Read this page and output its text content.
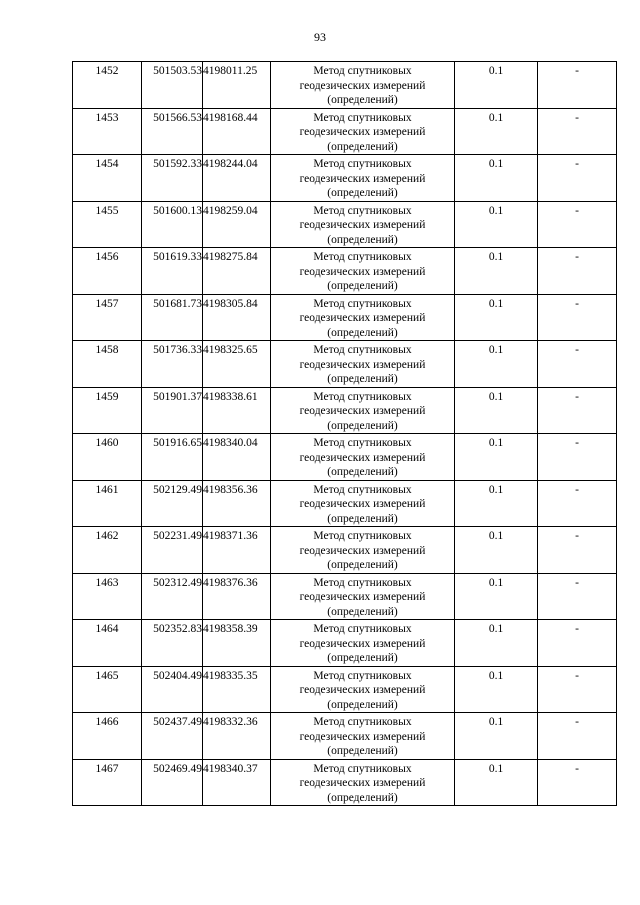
93
1452	501503.53	4198011.25	Метод спутниковых
геодезических измерений
(определений)	0.1	-
1453	501566.53	4198168.44	Метод спутниковых
геодезических измерений
(определений)	0.1	-
1454	501592.33	4198244.04	Метод спутниковых
геодезических измерений
(определений)	0.1	-
1455	501600.13	4198259.04	Метод спутниковых
геодезических измерений
(определений)	0.1	-
1456	501619.33	4198275.84	Метод спутниковых
геодезических измерений
(определений)	0.1	-
1457	501681.73	4198305.84	Метод спутниковых
геодезических измерений
(определений)	0.1	-
1458	501736.33	4198325.65	Метод спутниковых
геодезических измерений
(определений)	0.1	-
1459	501901.37	4198338.61	Метод спутниковых
геодезических измерений
(определений)	0.1	-
1460	501916.65	4198340.04	Метод спутниковых
геодезических измерений
(определений)	0.1	-
1461	502129.49	4198356.36	Метод спутниковых
геодезических измерений
(определений)	0.1	-
1462	502231.49	4198371.36	Метод спутниковых
геодезических измерений
(определений)	0.1	-
1463	502312.49	4198376.36	Метод спутниковых
геодезических измерений
(определений)	0.1	-
1464	502352.83	4198358.39	Метод спутниковых
геодезических измерений
(определений)	0.1	-
1465	502404.49	4198335.35	Метод спутниковых
геодезических измерений
(определений)	0.1	-
1466	502437.49	4198332.36	Метод спутниковых
геодезических измерений
(определений)	0.1	-
1467	502469.49	4198340.37	Метод спутниковых
геодезических измерений
(определений)	0.1	-
